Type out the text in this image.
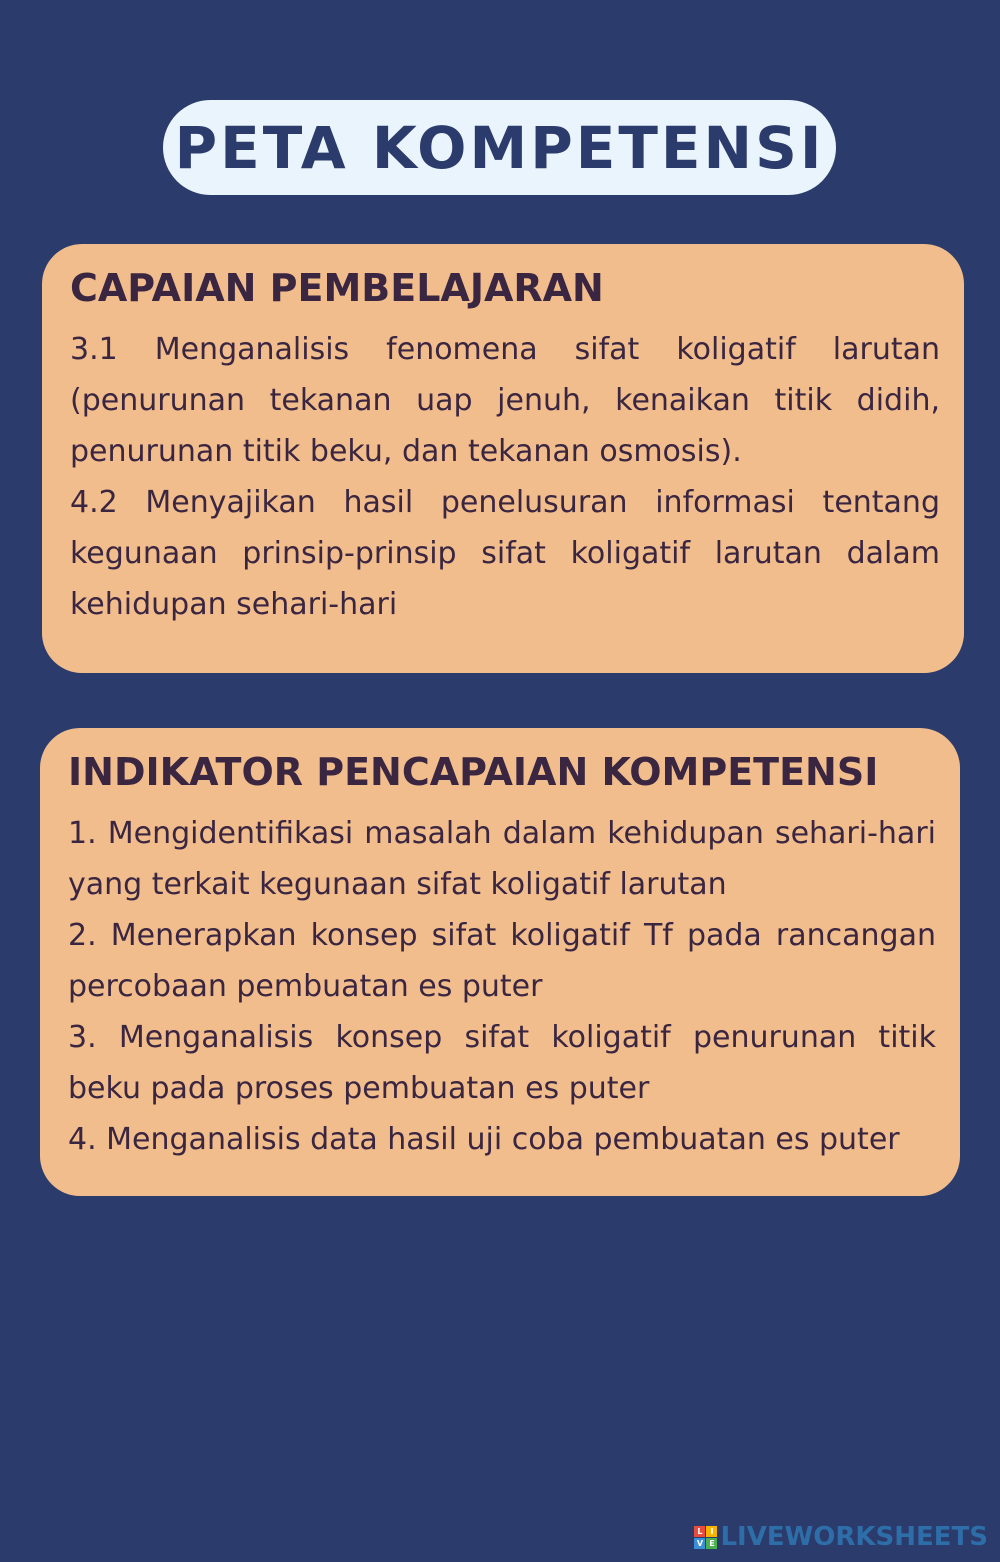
PETA KOMPETENSI
CAPAIAN PEMBELAJARAN

3.1 Menganalisis fenomena sifat koligatif larutan (penurunan tekanan uap jenuh, kenaikan titik didih, penurunan titik beku, dan tekanan osmosis).

4.2 Menyajikan hasil penelusuran informasi tentang kegunaan prinsip-prinsip sifat koligatif larutan dalam kehidupan sehari-hari

INDIKATOR PENCAPAIAN KOMPETENSI

1. Mengidentifikasi masalah dalam kehidupan sehari-hari yang terkait kegunaan sifat koligatif larutan

2. Menerapkan konsep sifat koligatif Tf pada rancangan percobaan pembuatan es puter

3. Menganalisis konsep sifat koligatif penurunan titik beku pada proses pembuatan es puter

4. Menganalisis data hasil uji coba pembuatan es puter

L I
V E LIVEWORKSHEETS
